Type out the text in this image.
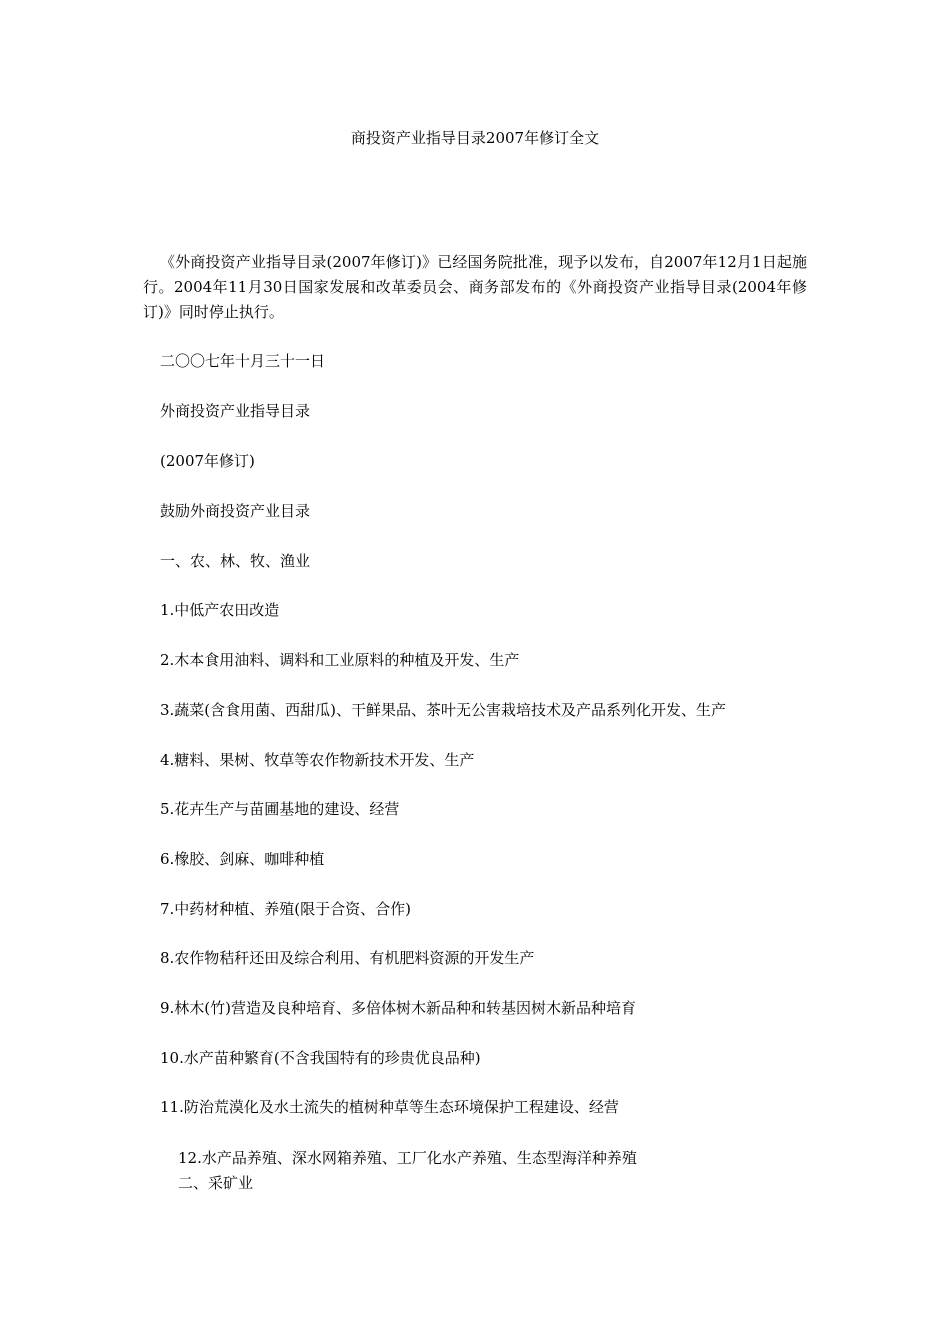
商投资产业指导目录2007年修订全文
《外商投资产业指导目录(2007年修订)》已经国务院批准，现予以发布，自2007年12月1日起施行。2004年11月30日国家发展和改革委员会、商务部发布的《外商投资产业指导目录(2004年修订)》同时停止执行。
二〇〇七年十月三十一日
外商投资产业指导目录
(2007年修订)
鼓励外商投资产业目录
一、农、林、牧、渔业
1.中低产农田改造
2.木本食用油料、调料和工业原料的种植及开发、生产
3.蔬菜(含食用菌、西甜瓜)、干鲜果品、茶叶无公害栽培技术及产品系列化开发、生产
4.糖料、果树、牧草等农作物新技术开发、生产
5.花卉生产与苗圃基地的建设、经营
6.橡胶、剑麻、咖啡种植
7.中药材种植、养殖(限于合资、合作)
8.农作物秸秆还田及综合利用、有机肥料资源的开发生产
9.林木(竹)营造及良种培育、多倍体树木新品种和转基因树木新品种培育
10.水产苗种繁育(不含我国特有的珍贵优良品种)
11.防治荒漠化及水土流失的植树种草等生态环境保护工程建设、经营
12.水产品养殖、深水网箱养殖、工厂化水产养殖、生态型海洋种养殖
二、采矿业
